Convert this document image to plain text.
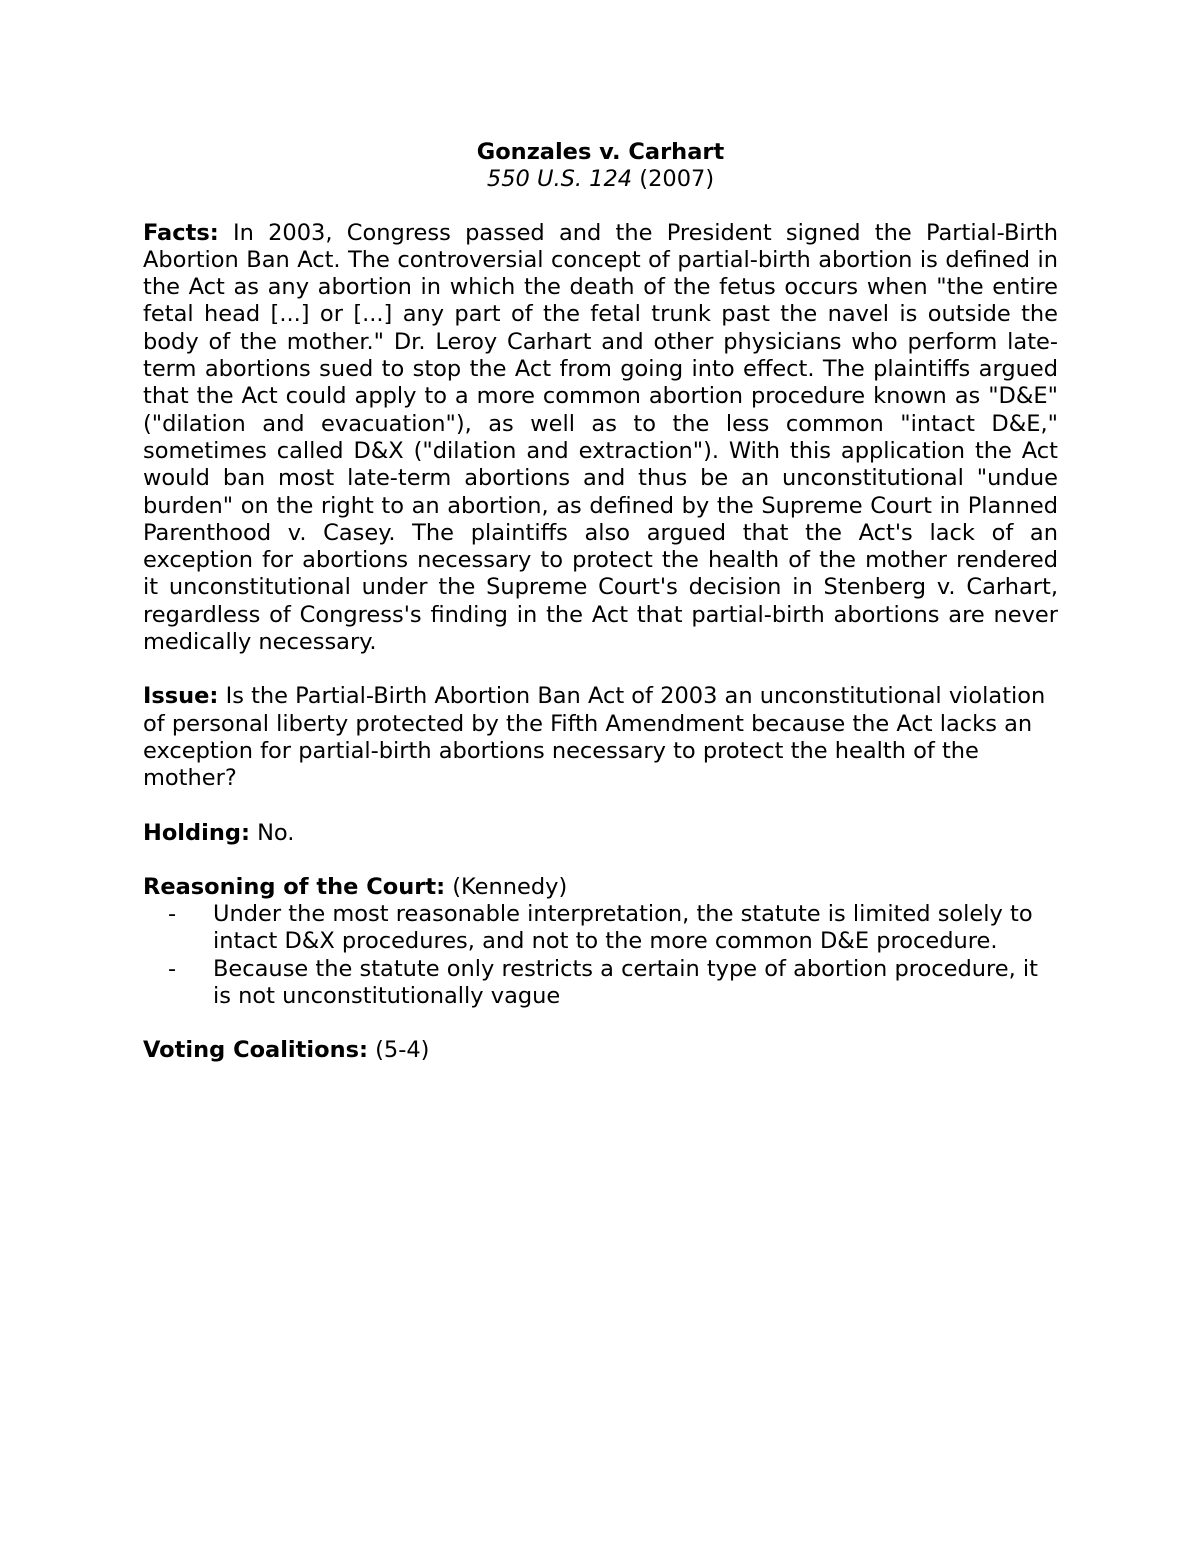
Gonzales v. Carhart
550 U.S. 124 (2007)

Facts: In 2003, Congress passed and the President signed the Partial-Birth Abortion Ban Act. The controversial concept of partial-birth abortion is defined in the Act as any abortion in which the death of the fetus occurs when "the entire fetal head [...] or [...] any part of the fetal trunk past the navel is outside the body of the mother." Dr. Leroy Carhart and other physicians who perform late-term abortions sued to stop the Act from going into effect. The plaintiffs argued that the Act could apply to a more common abortion procedure known as "D&E" ("dilation and evacuation"), as well as to the less common "intact D&E," sometimes called D&X ("dilation and extraction"). With this application the Act would ban most late-term abortions and thus be an unconstitutional "undue burden" on the right to an abortion, as defined by the Supreme Court in Planned Parenthood v. Casey. The plaintiffs also argued that the Act's lack of an exception for abortions necessary to protect the health of the mother rendered it unconstitutional under the Supreme Court's decision in Stenberg v. Carhart, regardless of Congress's finding in the Act that partial-birth abortions are never medically necessary.

Issue: Is the Partial-Birth Abortion Ban Act of 2003 an unconstitutional violation of personal liberty protected by the Fifth Amendment because the Act lacks an exception for partial-birth abortions necessary to protect the health of the mother?

Holding: No.

Reasoning of the Court: (Kennedy)
- Under the most reasonable interpretation, the statute is limited solely to intact D&X procedures, and not to the more common D&E procedure.
- Because the statute only restricts a certain type of abortion procedure, it is not unconstitutionally vague

Voting Coalitions: (5-4)
